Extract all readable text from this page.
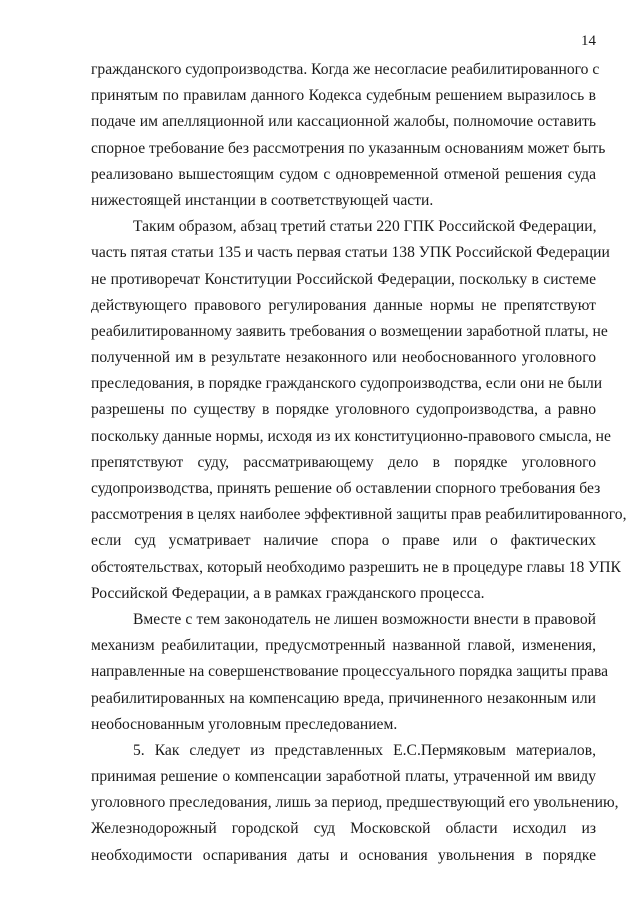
14
гражданского судопроизводства. Когда же несогласие реабилитированного с
принятым по правилам данного Кодекса судебным решением выразилось в
подаче им апелляционной или кассационной жалобы, полномочие оставить
спорное требование без рассмотрения по указанным основаниям может быть
реализовано вышестоящим судом с одновременной отменой решения суда
нижестоящей инстанции в соответствующей части.
Таким образом, абзац третий статьи 220 ГПК Российской Федерации,
часть пятая статьи 135 и часть первая статьи 138 УПК Российской Федерации
не противоречат Конституции Российской Федерации, поскольку в системе
действующего правового регулирования данные нормы не препятствуют
реабилитированному заявить требования о возмещении заработной платы, не
полученной им в результате незаконного или необоснованного уголовного
преследования, в порядке гражданского судопроизводства, если они не были
разрешены по существу в порядке уголовного судопроизводства, а равно
поскольку данные нормы, исходя из их конституционно-правового смысла, не
препятствуют суду, рассматривающему дело в порядке уголовного
судопроизводства, принять решение об оставлении спорного требования без
рассмотрения в целях наиболее эффективной защиты прав реабилитированного,
если суд усматривает наличие спора о праве или о фактических
обстоятельствах, который необходимо разрешить не в процедуре главы 18 УПК
Российской Федерации, а в рамках гражданского процесса.
Вместе с тем законодатель не лишен возможности внести в правовой
механизм реабилитации, предусмотренный названной главой, изменения,
направленные на совершенствование процессуального порядка защиты права
реабилитированных на компенсацию вреда, причиненного незаконным или
необоснованным уголовным преследованием.
5. Как следует из представленных Е.С.Пермяковым материалов,
принимая решение о компенсации заработной платы, утраченной им ввиду
уголовного преследования, лишь за период, предшествующий его увольнению,
Железнодорожный городской суд Московской области исходил из
необходимости оспаривания даты и основания увольнения в порядке
